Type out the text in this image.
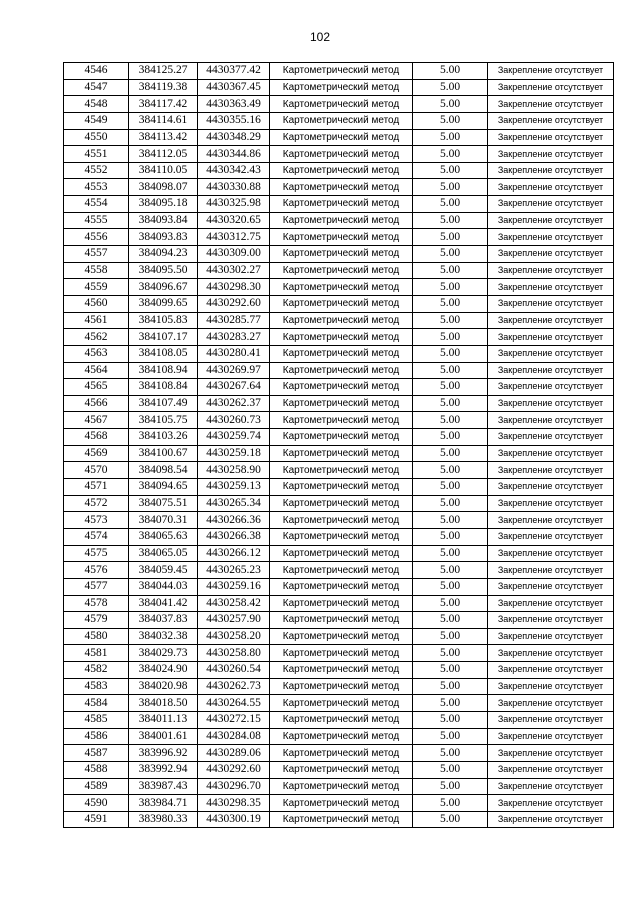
102
4546	384125.27	4430377.42	Картометрический метод	5.00	Закрепление отсутствует
4547	384119.38	4430367.45	Картометрический метод	5.00	Закрепление отсутствует
4548	384117.42	4430363.49	Картометрический метод	5.00	Закрепление отсутствует
4549	384114.61	4430355.16	Картометрический метод	5.00	Закрепление отсутствует
4550	384113.42	4430348.29	Картометрический метод	5.00	Закрепление отсутствует
4551	384112.05	4430344.86	Картометрический метод	5.00	Закрепление отсутствует
4552	384110.05	4430342.43	Картометрический метод	5.00	Закрепление отсутствует
4553	384098.07	4430330.88	Картометрический метод	5.00	Закрепление отсутствует
4554	384095.18	4430325.98	Картометрический метод	5.00	Закрепление отсутствует
4555	384093.84	4430320.65	Картометрический метод	5.00	Закрепление отсутствует
4556	384093.83	4430312.75	Картометрический метод	5.00	Закрепление отсутствует
4557	384094.23	4430309.00	Картометрический метод	5.00	Закрепление отсутствует
4558	384095.50	4430302.27	Картометрический метод	5.00	Закрепление отсутствует
4559	384096.67	4430298.30	Картометрический метод	5.00	Закрепление отсутствует
4560	384099.65	4430292.60	Картометрический метод	5.00	Закрепление отсутствует
4561	384105.83	4430285.77	Картометрический метод	5.00	Закрепление отсутствует
4562	384107.17	4430283.27	Картометрический метод	5.00	Закрепление отсутствует
4563	384108.05	4430280.41	Картометрический метод	5.00	Закрепление отсутствует
4564	384108.94	4430269.97	Картометрический метод	5.00	Закрепление отсутствует
4565	384108.84	4430267.64	Картометрический метод	5.00	Закрепление отсутствует
4566	384107.49	4430262.37	Картометрический метод	5.00	Закрепление отсутствует
4567	384105.75	4430260.73	Картометрический метод	5.00	Закрепление отсутствует
4568	384103.26	4430259.74	Картометрический метод	5.00	Закрепление отсутствует
4569	384100.67	4430259.18	Картометрический метод	5.00	Закрепление отсутствует
4570	384098.54	4430258.90	Картометрический метод	5.00	Закрепление отсутствует
4571	384094.65	4430259.13	Картометрический метод	5.00	Закрепление отсутствует
4572	384075.51	4430265.34	Картометрический метод	5.00	Закрепление отсутствует
4573	384070.31	4430266.36	Картометрический метод	5.00	Закрепление отсутствует
4574	384065.63	4430266.38	Картометрический метод	5.00	Закрепление отсутствует
4575	384065.05	4430266.12	Картометрический метод	5.00	Закрепление отсутствует
4576	384059.45	4430265.23	Картометрический метод	5.00	Закрепление отсутствует
4577	384044.03	4430259.16	Картометрический метод	5.00	Закрепление отсутствует
4578	384041.42	4430258.42	Картометрический метод	5.00	Закрепление отсутствует
4579	384037.83	4430257.90	Картометрический метод	5.00	Закрепление отсутствует
4580	384032.38	4430258.20	Картометрический метод	5.00	Закрепление отсутствует
4581	384029.73	4430258.80	Картометрический метод	5.00	Закрепление отсутствует
4582	384024.90	4430260.54	Картометрический метод	5.00	Закрепление отсутствует
4583	384020.98	4430262.73	Картометрический метод	5.00	Закрепление отсутствует
4584	384018.50	4430264.55	Картометрический метод	5.00	Закрепление отсутствует
4585	384011.13	4430272.15	Картометрический метод	5.00	Закрепление отсутствует
4586	384001.61	4430284.08	Картометрический метод	5.00	Закрепление отсутствует
4587	383996.92	4430289.06	Картометрический метод	5.00	Закрепление отсутствует
4588	383992.94	4430292.60	Картометрический метод	5.00	Закрепление отсутствует
4589	383987.43	4430296.70	Картометрический метод	5.00	Закрепление отсутствует
4590	383984.71	4430298.35	Картометрический метод	5.00	Закрепление отсутствует
4591	383980.33	4430300.19	Картометрический метод	5.00	Закрепление отсутствует
